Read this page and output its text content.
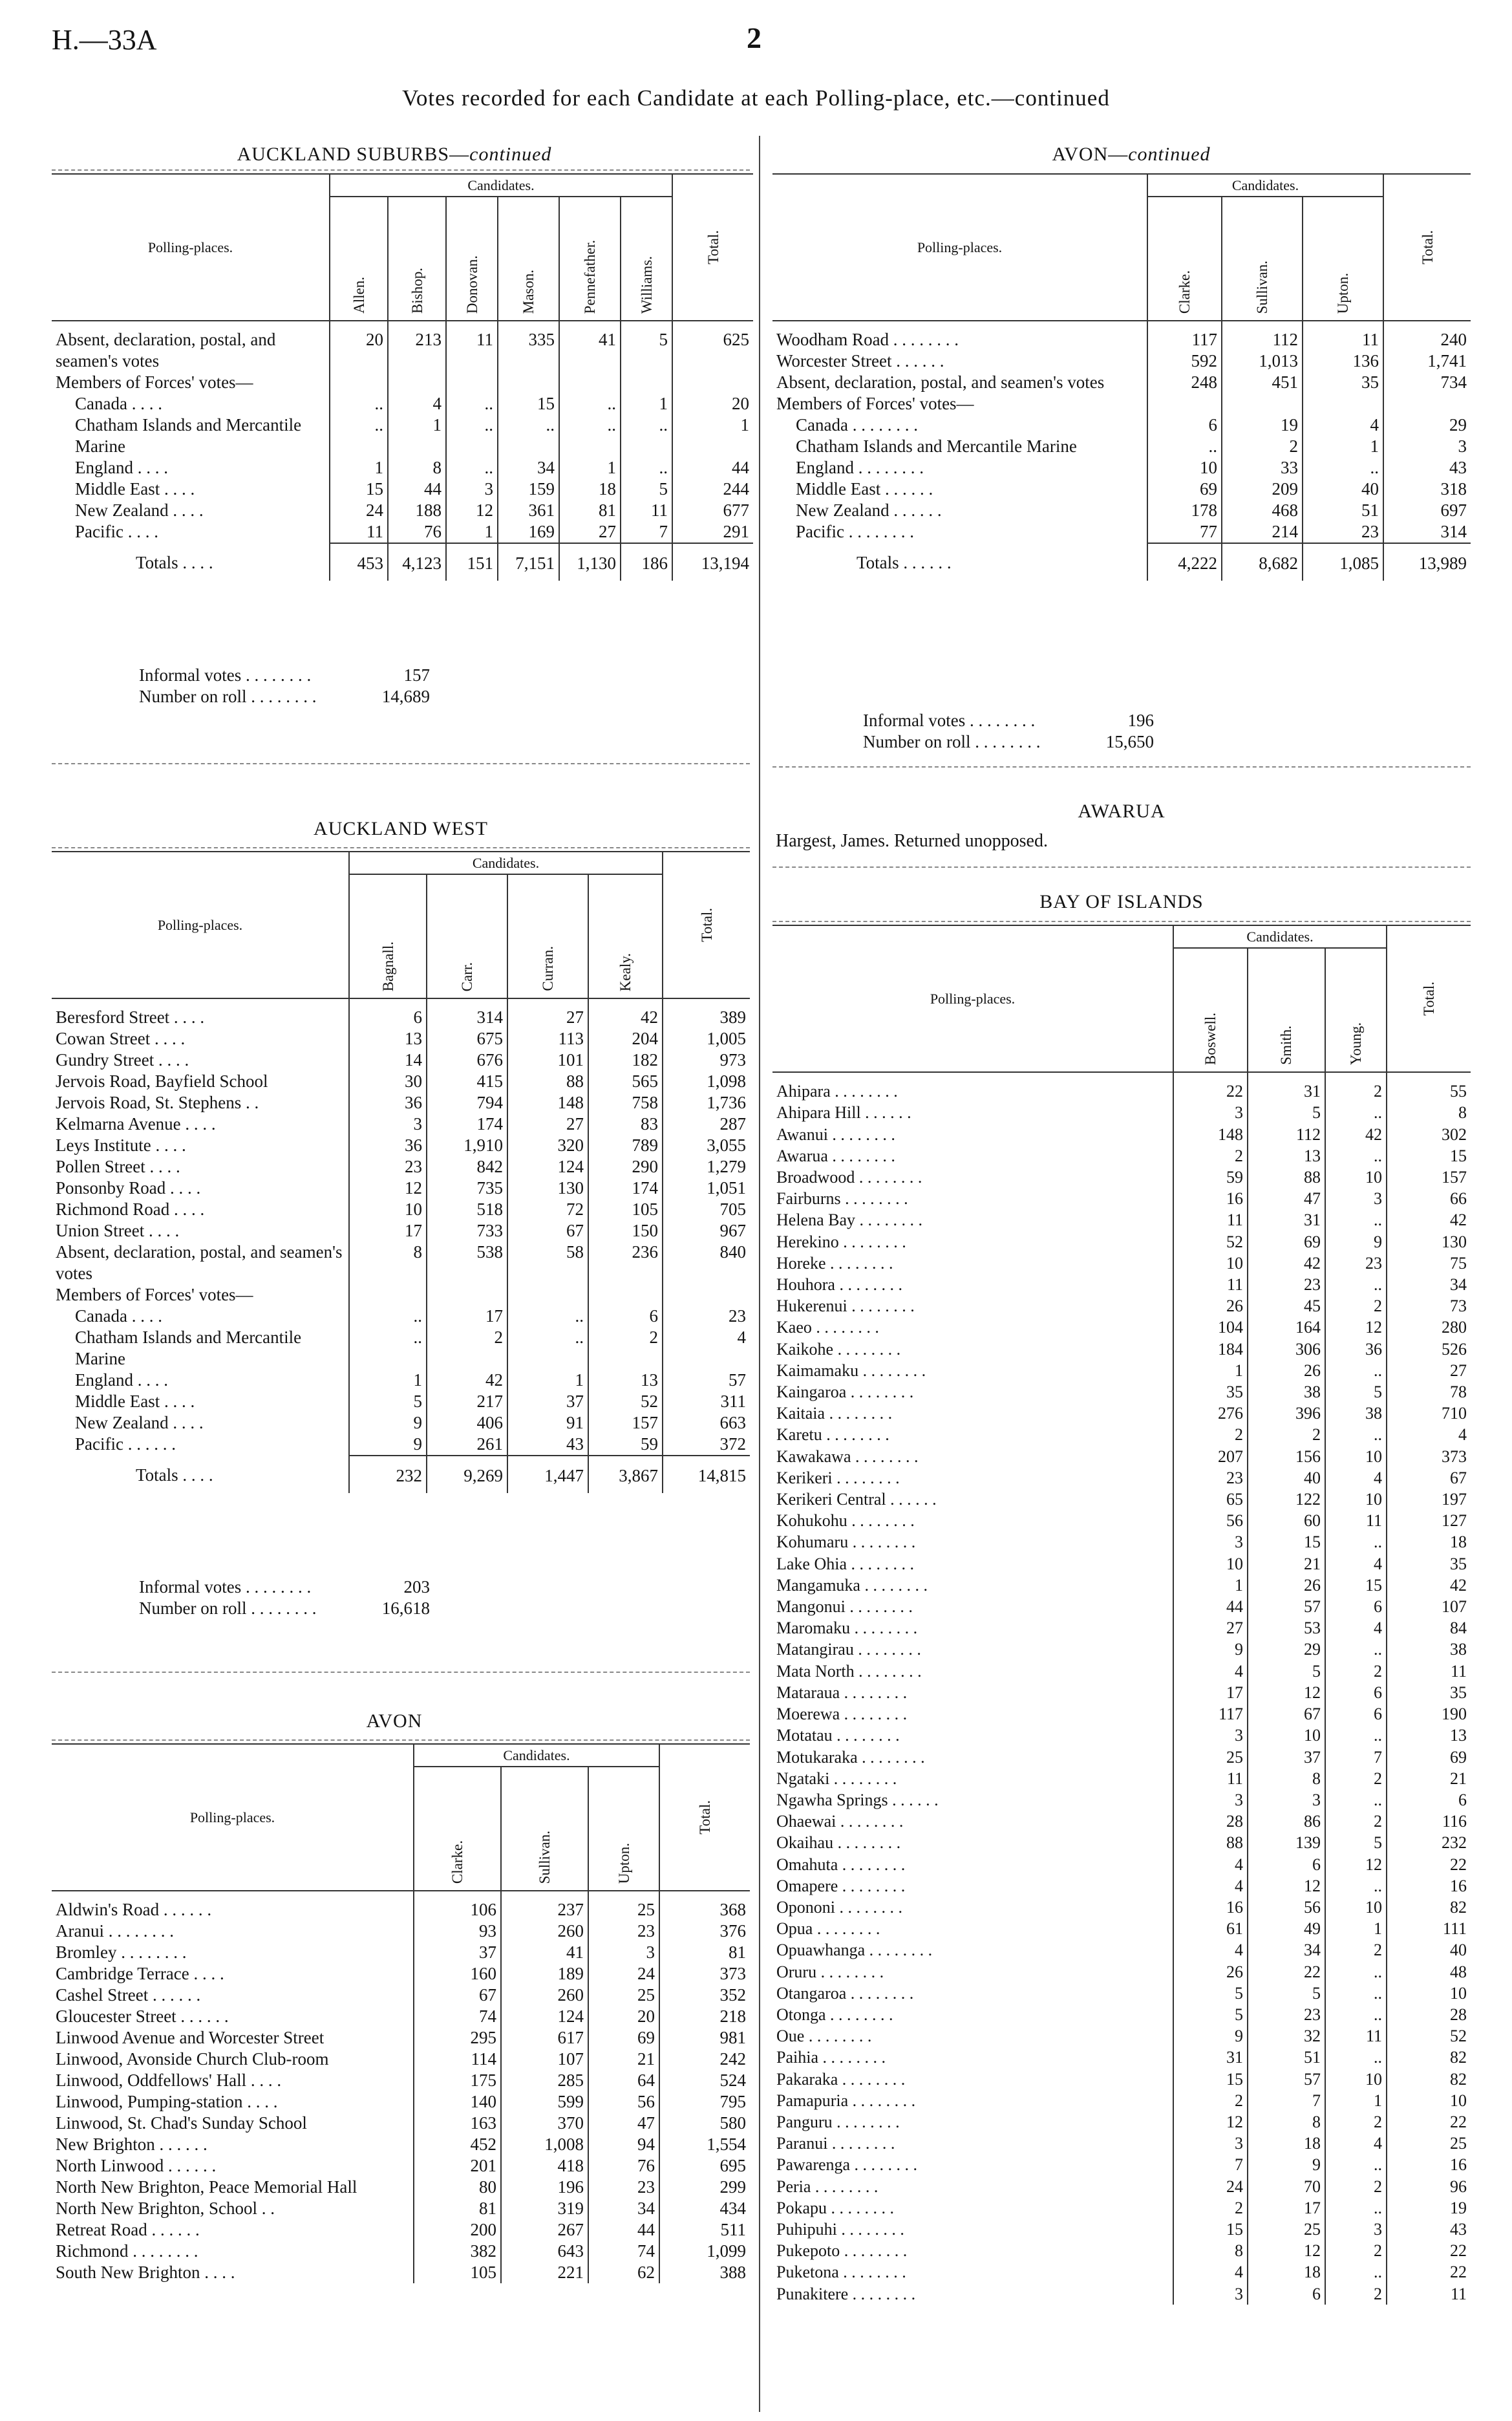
H.—33A	2
Votes recorded for each Candidate at each Polling-place, etc.—continued
AUCKLAND SUBURBS—continued
Polling-places.	Candidates.						Total.

	Allen.	Bishop.	Donovan.	Mason.	Pennefather.	Williams.	

Absent, declaration, postal, and seamen's votes	20	213	11	335	41	5	625
Members of Forces' votes—							
Canada . . . .	..	4	..	15	..	1	20
Chatham Islands and Mercantile Marine	..	1	..	..	..	..	1
England . . . .	1	8	..	34	1	..	44
Middle East . . . .	15	44	3	159	18	5	244
New Zealand . . . .	24	188	12	361	81	11	677
Pacific . . . .	11	76	1	169	27	7	291
Totals . . . .	453	4,123	151	7,151	1,130	186	13,194
Informal votes . . . . . . . .	157
Number on roll . . . . . . . .	14,689
AUCKLAND WEST
Polling-places.	Candidates.				Total.

	Bagnall.	Carr.	Curran.	Kealy.	

Beresford Street . . . .	6	314	27	42	389
Cowan Street . . . .	13	675	113	204	1,005
Gundry Street . . . .	14	676	101	182	973
Jervois Road, Bayfield School	30	415	88	565	1,098
Jervois Road, St. Stephens . .	36	794	148	758	1,736
Kelmarna Avenue . . . .	3	174	27	83	287
Leys Institute . . . .	36	1,910	320	789	3,055
Pollen Street . . . .	23	842	124	290	1,279
Ponsonby Road . . . .	12	735	130	174	1,051
Richmond Road . . . .	10	518	72	105	705
Union Street . . . .	17	733	67	150	967
Absent, declaration, postal, and seamen's votes	8	538	58	236	840
Members of Forces' votes—					
Canada . . . .	..	17	..	6	23
Chatham Islands and Mercantile Marine	..	2	..	2	4
England . . . .	1	42	1	13	57
Middle East . . . .	5	217	37	52	311
New Zealand . . . .	9	406	91	157	663
Pacific . . . . . .	9	261	43	59	372
Totals . . . .	232	9,269	1,447	3,867	14,815
Informal votes . . . . . . . .	203
Number on roll . . . . . . . .	16,618
AVON
Polling-places.	Candidates.			Total.

	Clarke.	Sullivan.	Upton.	

Aldwin's Road . . . . . .	106	237	25	368
Aranui . . . . . . . .	93	260	23	376
Bromley . . . . . . . .	37	41	3	81
Cambridge Terrace . . . .	160	189	24	373
Cashel Street . . . . . .	67	260	25	352
Gloucester Street . . . . . .	74	124	20	218
Linwood Avenue and Worcester Street	295	617	69	981
Linwood, Avonside Church Club-room	114	107	21	242
Linwood, Oddfellows' Hall . . . .	175	285	64	524
Linwood, Pumping-station . . . .	140	599	56	795
Linwood, St. Chad's Sunday School	163	370	47	580
New Brighton . . . . . .	452	1,008	94	1,554
North Linwood . . . . . .	201	418	76	695
North New Brighton, Peace Memorial Hall	80	196	23	299
North New Brighton, School . .	81	319	34	434
Retreat Road . . . . . .	200	267	44	511
Richmond . . . . . . . .	382	643	74	1,099
South New Brighton . . . .	105	221	62	388
AVON—continued
Polling-places.	Candidates.			Total.

	Clarke.	Sullivan.	Upton.	

Woodham Road . . . . . . . .	117	112	11	240
Worcester Street . . . . . .	592	1,013	136	1,741
Absent, declaration, postal, and seamen's votes	248	451	35	734
Members of Forces' votes—				
Canada . . . . . . . .	6	19	4	29
Chatham Islands and Mercantile Marine	..	2	1	3
England . . . . . . . .	10	33	..	43
Middle East . . . . . .	69	209	40	318
New Zealand . . . . . .	178	468	51	697
Pacific . . . . . . . .	77	214	23	314
Totals . . . . . .	4,222	8,682	1,085	13,989
Informal votes . . . . . . . .	196
Number on roll . . . . . . . .	15,650
AWARUA
Hargest, James. Returned unopposed.
BAY OF ISLANDS
Polling-places.	Candidates.			Total.

	Boswell.	Smith.	Young.	

Ahipara . . . . . . . .	22	31	2	55
Ahipara Hill . . . . . .	3	5	..	8
Awanui . . . . . . . .	148	112	42	302
Awarua . . . . . . . .	2	13	..	15
Broadwood . . . . . . . .	59	88	10	157
Fairburns . . . . . . . .	16	47	3	66
Helena Bay . . . . . . . .	11	31	..	42
Herekino . . . . . . . .	52	69	9	130
Horeke . . . . . . . .	10	42	23	75
Houhora . . . . . . . .	11	23	..	34
Hukerenui . . . . . . . .	26	45	2	73
Kaeo . . . . . . . .	104	164	12	280
Kaikohe . . . . . . . .	184	306	36	526
Kaimamaku . . . . . . . .	1	26	..	27
Kaingaroa . . . . . . . .	35	38	5	78
Kaitaia . . . . . . . .	276	396	38	710
Karetu . . . . . . . .	2	2	..	4
Kawakawa . . . . . . . .	207	156	10	373
Kerikeri . . . . . . . .	23	40	4	67
Kerikeri Central . . . . . .	65	122	10	197
Kohukohu . . . . . . . .	56	60	11	127
Kohumaru . . . . . . . .	3	15	..	18
Lake Ohia . . . . . . . .	10	21	4	35
Mangamuka . . . . . . . .	1	26	15	42
Mangonui . . . . . . . .	44	57	6	107
Maromaku . . . . . . . .	27	53	4	84
Matangirau . . . . . . . .	9	29	..	38
Mata North . . . . . . . .	4	5	2	11
Mataraua . . . . . . . .	17	12	6	35
Moerewa . . . . . . . .	117	67	6	190
Motatau . . . . . . . .	3	10	..	13
Motukaraka . . . . . . . .	25	37	7	69
Ngataki . . . . . . . .	11	8	2	21
Ngawha Springs . . . . . .	3	3	..	6
Ohaewai . . . . . . . .	28	86	2	116
Okaihau . . . . . . . .	88	139	5	232
Omahuta . . . . . . . .	4	6	12	22
Omapere . . . . . . . .	4	12	..	16
Opononi . . . . . . . .	16	56	10	82
Opua . . . . . . . .	61	49	1	111
Opuawhanga . . . . . . . .	4	34	2	40
Oruru . . . . . . . .	26	22	..	48
Otangaroa . . . . . . . .	5	5	..	10
Otonga . . . . . . . .	5	23	..	28
Oue . . . . . . . .	9	32	11	52
Paihia . . . . . . . .	31	51	..	82
Pakaraka . . . . . . . .	15	57	10	82
Pamapuria . . . . . . . .	2	7	1	10
Panguru . . . . . . . .	12	8	2	22
Paranui . . . . . . . .	3	18	4	25
Pawarenga . . . . . . . .	7	9	..	16
Peria . . . . . . . .	24	70	2	96
Pokapu . . . . . . . .	2	17	..	19
Puhipuhi . . . . . . . .	15	25	3	43
Pukepoto . . . . . . . .	8	12	2	22
Puketona . . . . . . . .	4	18	..	22
Punakitere . . . . . . . .	3	6	2	11
